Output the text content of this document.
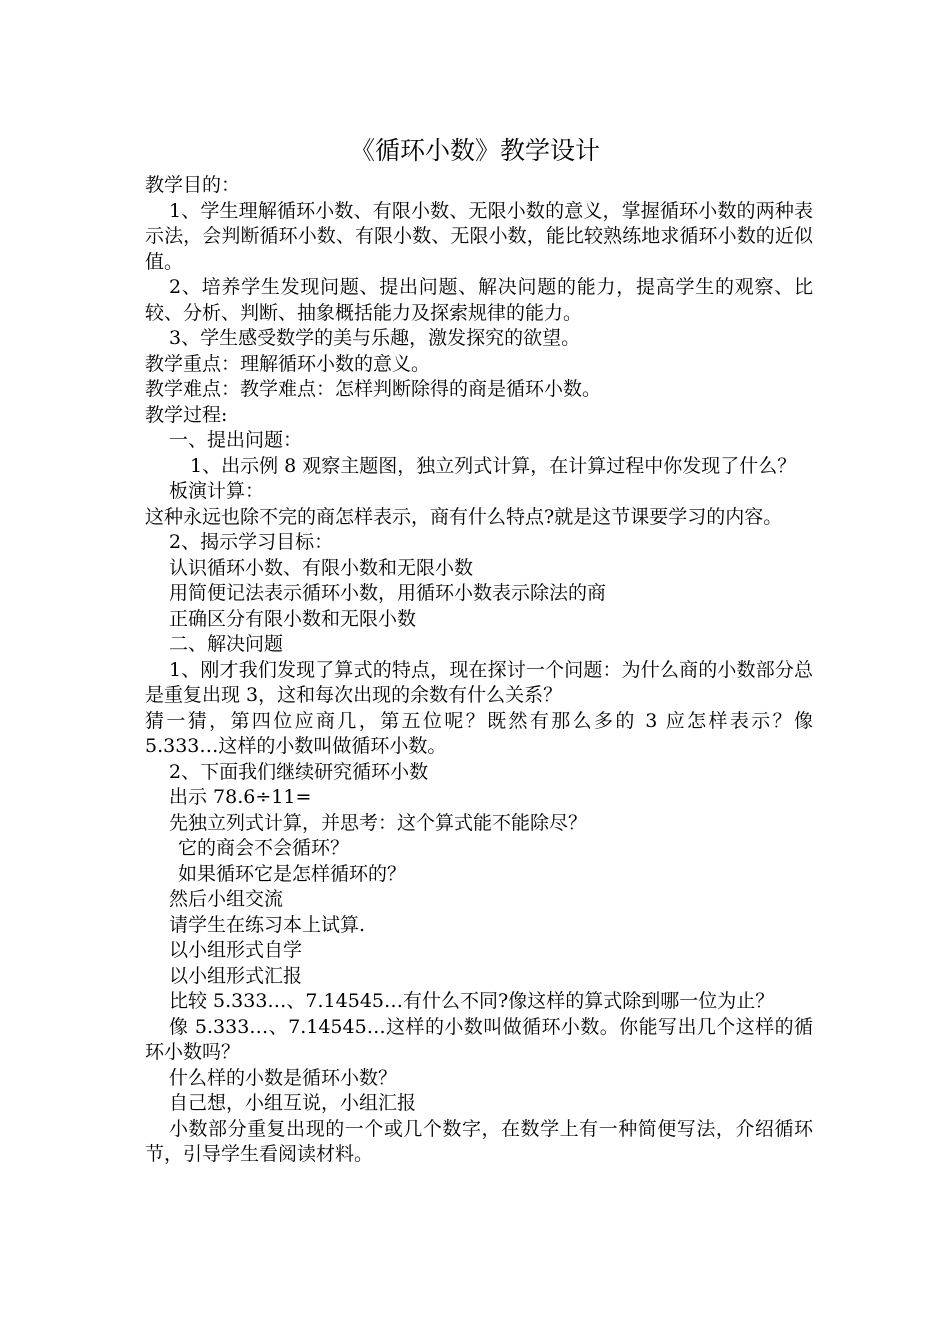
《循环小数》教学设计

教学目的：

1、学生理解循环小数、有限小数、无限小数的意义，掌握循环小数的两种表示法，会判断循环小数、有限小数、无限小数，能比较熟练地求循环小数的近似值。

2、培养学生发现问题、提出问题、解决问题的能力，提高学生的观察、比较、分析、判断、抽象概括能力及探索规律的能力。

3、学生感受数学的美与乐趣，激发探究的欲望。

教学重点：理解循环小数的意义。

教学难点：教学难点：怎样判断除得的商是循环小数。

教学过程:

一、提出问题：

1、出示例 8 观察主题图，独立列式计算，在计算过程中你发现了什么？

板演计算：

这种永远也除不完的商怎样表示，商有什么特点?就是这节课要学习的内容。

2、揭示学习目标：

认识循环小数、有限小数和无限小数

用简便记法表示循环小数，用循环小数表示除法的商

正确区分有限小数和无限小数

二、解决问题

1、刚才我们发现了算式的特点，现在探讨一个问题：为什么商的小数部分总是重复出现 3，这和每次出现的余数有什么关系？

猜一猜，第四位应商几，第五位呢？既然有那么多的 3 应怎样表示？像 5.333…这样的小数叫做循环小数。

2、下面我们继续研究循环小数

出示 78.6÷11=

先独立列式计算，并思考：这个算式能不能除尽？

它的商会不会循环？

如果循环它是怎样循环的？

然后小组交流

请学生在练习本上试算.

以小组形式自学

以小组形式汇报

比较 5.333…、7.14545…有什么不同?像这样的算式除到哪一位为止？

像 5.333…、7.14545…这样的小数叫做循环小数。你能写出几个这样的循环小数吗？

什么样的小数是循环小数？

自己想，小组互说，小组汇报

小数部分重复出现的一个或几个数字，在数学上有一种简便写法，介绍循环节，引导学生看阅读材料。
